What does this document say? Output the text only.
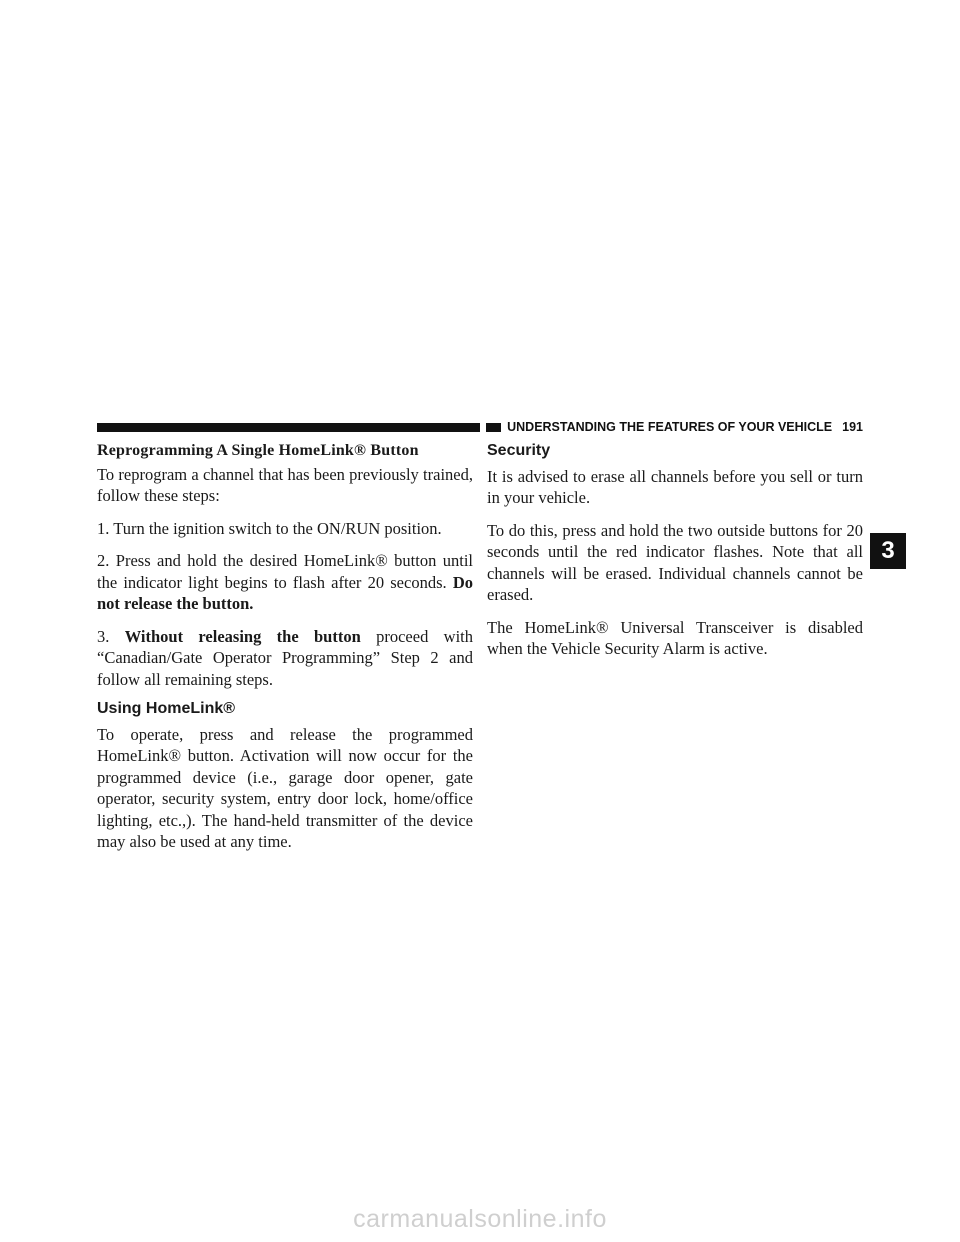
UNDERSTANDING THE FEATURES OF YOUR VEHICLE 191
Reprogramming A Single HomeLink® Button

To reprogram a channel that has been previously trained, follow these steps:

1. Turn the ignition switch to the ON/RUN position.

2. Press and hold the desired HomeLink® button until the indicator light begins to flash after 20 seconds. Do not release the button.

3. Without releasing the button proceed with “Canadian/Gate Operator Programming” Step 2 and follow all remaining steps.

Using HomeLink®

To operate, press and release the programmed HomeLink® button. Activation will now occur for the programmed device (i.e., garage door opener, gate operator, security system, entry door lock, home/office lighting, etc.,). The hand-held transmitter of the device may also be used at any time.

Security

It is advised to erase all channels before you sell or turn in your vehicle.

To do this, press and hold the two outside buttons for 20 seconds until the red indicator flashes. Note that all channels will be erased. Individual channels cannot be erased.

The HomeLink® Universal Transceiver is disabled when the Vehicle Security Alarm is active.

3
carmanualsonline.info
